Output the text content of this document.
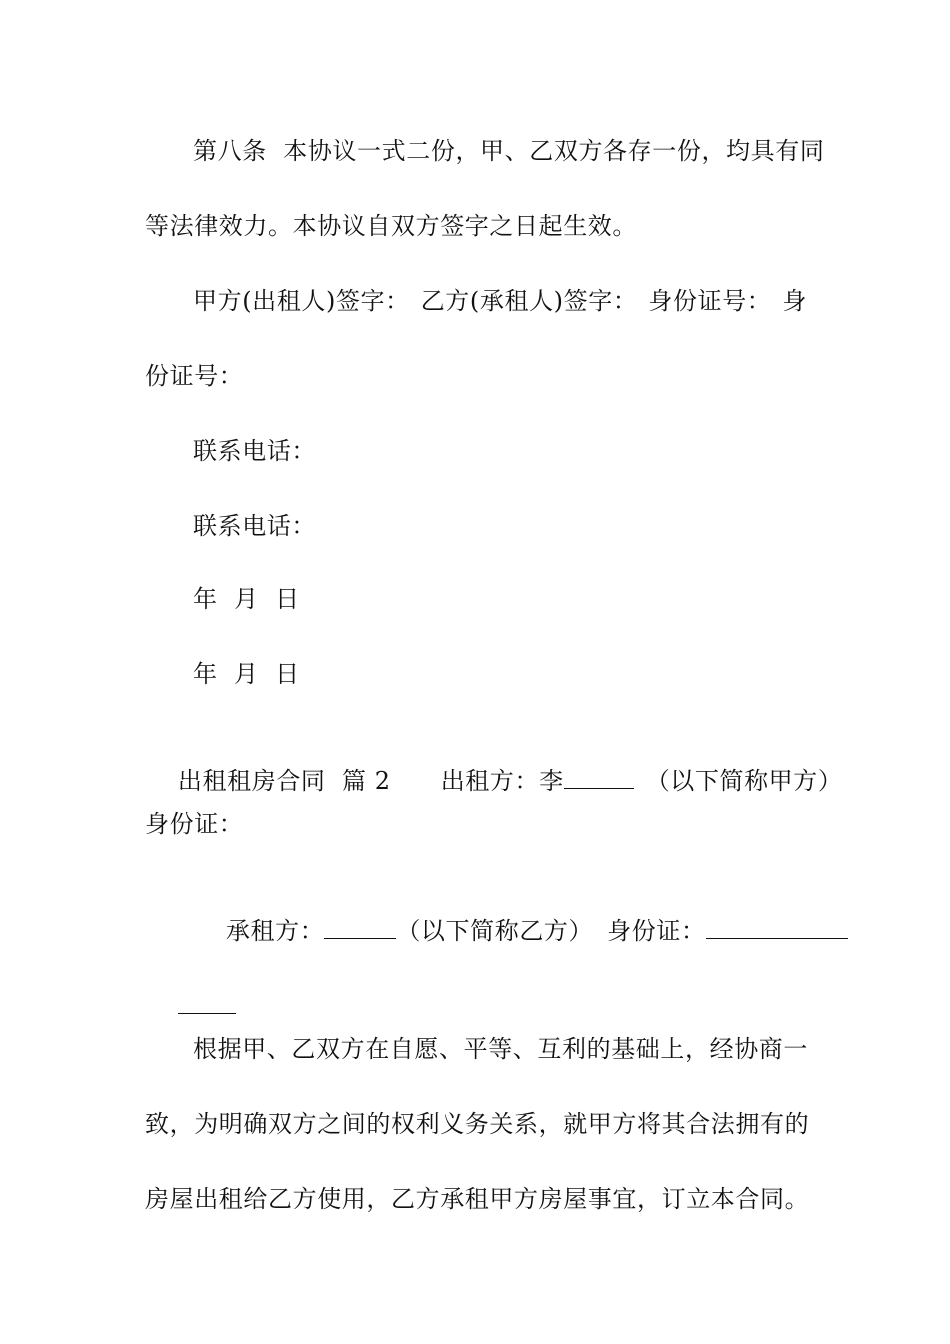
第八条  本协议一式二份，甲、乙双方各存一份，均具有同
等法律效力。本协议自双方签字之日起生效。
甲方(出租人)签字： 乙方(承租人)签字： 身份证号： 身
份证号：
联系电话：
联系电话：
年  月  日
年  月  日

出租租房合同  篇 2 出租方：李	（以下简称甲方）

身份证：

承租方：	（以下简称乙方） 身份证：

根据甲、乙双方在自愿、平等、互利的基础上，经协商一
致，为明确双方之间的权利义务关系，就甲方将其合法拥有的
房屋出租给乙方使用，乙方承租甲方房屋事宜，订立本合同。
